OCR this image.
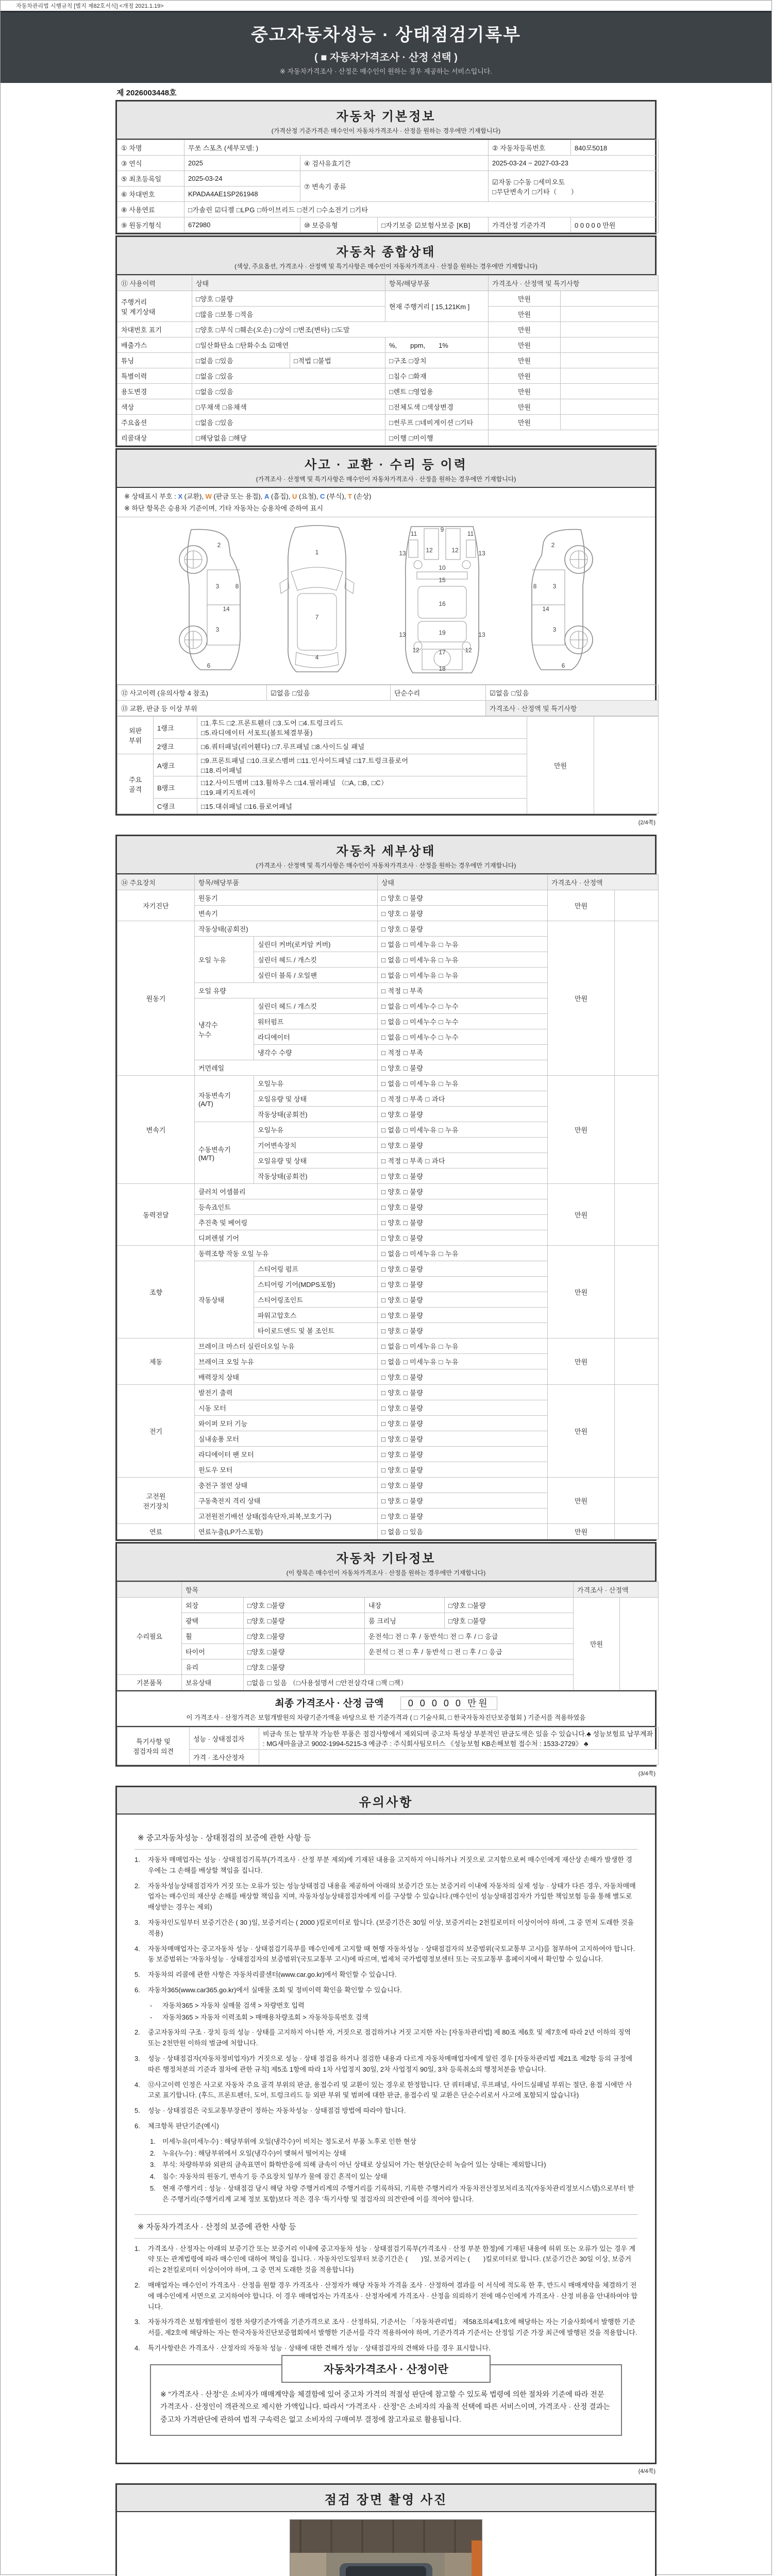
자동차관리법 시행규칙 [별지 제82호서식] <개정 2021.1.19>
중고자동차성능 · 상태점검기록부
( ■ 자동차가격조사 · 산정 선택 )
※ 자동차가격조사 · 산정은 매수인이 원하는 경우 제공하는 서비스입니다.
제 2026003448호
자동차 기본정보
(가격산정 기준가격은 매수인이 자동차가격조사 · 산정을 원하는 경우에만 기재합니다)
① 차명	무쏘 스포츠 (세부모델: )			② 자동차등록번호	840모5018
③ 연식	2025	④ 검사유효기간		2025-03-24 ~ 2027-03-23	
⑤ 최초등록일	2025-03-24	⑦ 변속기 종류		☑자동 □수동 □세미오토
□무단변속기 □기타（　　）	
⑥ 차대번호	KPADA4AE1SP261948				
⑧ 사용연료	□가솔린 ☑디젤 □LPG □하이브리드 □전기 □수소전기 □기타				
⑨ 원동기형식	672980	⑩ 보증유형	□자기보증 ☑보험사보증 [KB]	가격산정 기준가격	0 0 0 0 0 만원
자동차 종합상태
(색상, 주요옵션, 가격조사 · 산정액 및 특기사항은 매수인이 자동차가격조사 · 산정을 원하는 경우에만 기재합니다)
⑪ 사용이력	상태		항목/해당부품	가격조사 · 산정액 및 특기사항	
주행거리
및 계기상태	□양호 □불량		현재 주행거리 [ 15,121Km ]	만원	
	□많음 □보통 □적음			만원	
차대번호 표기	□양호 □부식 □훼손(오손) □상이 □변조(변타) □도말			만원	
배출가스	□일산화탄소 □탄화수소 ☑매연		%,　　ppm,　　1%	만원	
튜닝	□없음 □있음	□적법 □불법	□구조 □장치	만원	
특별이력	□없음 □있음		□침수 □화재	만원	
용도변경	□없음 □있음		□렌트 □영업용	만원	
색상	□무채색 □유채색		□전체도색 □색상변경	만원	
주요옵션	□없음 □있음		□썬루프 □네비게이션 □기타	만원	
리콜대상	□해당없음 □해당		□이행 □미이행		
사고 · 교환 · 수리 등 이력
(가격조사 · 산정액 및 특기사항은 매수인이 자동차가격조사 · 산정을 원하는 경우에만 기재합니다)
※ 상태표시 부호 : X (교환), W (판금 또는 용접), A (흠집), U (요철), C (부식), T (손상)
※ 하단 항목은 승용차 기준이며, 기타 자동차는 승용차에 준하여 표시
2
8
3
14
3
6
1
7
4
11
9
11
13	12	12	13
10
15
16
13	19	13
12	17	12
18
2
8	3
14
3
6
⑫ 사고이력 (유의사항 4 참조)	☑없음 □있음	단순수리	☑없음 □있음
⑬ 교환, 판금 등 이상 부위			가격조사 · 산정액 및 특기사항
외판
부위	1랭크	□1.후드 □2.프론트휀더 □3.도어 □4.트렁크리드
□5.라디에이터 서포트(볼트체결부품)	만원	
	2랭크	□6.쿼터패널(리어휀다) □7.루프패널 □8.사이드실 패널		
주요
골격	A랭크	□9.프론트패널 □10.크로스멤버 □11.인사이드패널 □17.트렁크플로어
□18.리어패널		
	B랭크	□12.사이드멤버 □13.휠하우스 □14.필러패널 （□A, □B, □C）
□19.패키지트레이		
	C랭크	□15.대쉬패널 □16.플로어패널		
(2/4쪽)
자동차 세부상태
(가격조사 · 산정액 및 특기사항은 매수인이 자동차가격조사 · 산정을 원하는 경우에만 기재합니다)
⑭ 주요장치	항목/해당부품		상태	가격조사 · 산정액	
자기진단	원동기		□ 양호 □ 불량	만원	
	변속기		□ 양호 □ 불량		
원동기	작동상태(공회전)		□ 양호 □ 불량	만원	
	오일 누유	실린더 커버(로커암 커버)	□ 없음 □ 미세누유 □ 누유		
		실린더 헤드 / 개스킷	□ 없음 □ 미세누유 □ 누유		
		실린더 블록 / 오일팬	□ 없음 □ 미세누유 □ 누유		
	오일 유량		□ 적정 □ 부족		
	냉각수
누수	실린더 헤드 / 개스킷	□ 없음 □ 미세누수 □ 누수		
		워터펌프	□ 없음 □ 미세누수 □ 누수		
		라디에이터	□ 없음 □ 미세누수 □ 누수		
		냉각수 수량	□ 적정 □ 부족		
	커먼레일		□ 양호 □ 불량		
변속기	자동변속기
(A/T)	오일누유	□ 없음 □ 미세누유 □ 누유	만원	
		오일유량 및 상태	□ 적정 □ 부족 □ 과다		
		작동상태(공회전)	□ 양호 □ 불량		
	수동변속기
(M/T)	오일누유	□ 없음 □ 미세누유 □ 누유		
		기어변속장치	□ 양호 □ 불량		
		오일유량 및 상태	□ 적정 □ 부족 □ 과다		
		작동상태(공회전)	□ 양호 □ 불량		
동력전달	클러치 어셈블리		□ 양호 □ 불량	만원	
	등속죠인트		□ 양호 □ 불량		
	추진축 및 베어링		□ 양호 □ 불량		
	디퍼렌셜 기어		□ 양호 □ 불량		
조향	동력조향 작동 오일 누유		□ 없음 □ 미세누유 □ 누유	만원	
	작동상태	스티어링 펌프	□ 양호 □ 불량		
		스티어링 기어(MDPS포함)	□ 양호 □ 불량		
		스티어링조인트	□ 양호 □ 불량		
		파워고압호스	□ 양호 □ 불량		
		타이로드엔드 및 볼 조인트	□ 양호 □ 불량		
제동	브레이크 마스터 실린더오일 누유		□ 없음 □ 미세누유 □ 누유	만원	
	브레이크 오일 누유		□ 없음 □ 미세누유 □ 누유		
	배력장치 상태		□ 양호 □ 불량		
전기	발전기 출력		□ 양호 □ 불량	만원	
	시동 모터		□ 양호 □ 불량		
	와이퍼 모터 기능		□ 양호 □ 불량		
	실내송풍 모터		□ 양호 □ 불량		
	라디에이터 팬 모터		□ 양호 □ 불량		
	윈도우 모터		□ 양호 □ 불량		
고전원
전기장치	충전구 절연 상태		□ 양호 □ 불량	만원	
	구동축전지 격리 상태		□ 양호 □ 불량		
	고전원전기배선 상태(접속단자,피복,보호기구)		□ 양호 □ 불량		
연료	연료누출(LP가스포함)		□ 없음 □ 있음	만원	
자동차 기타정보
(이 항목은 매수인이 자동차가격조사 · 산정을 원하는 경우에만 기재합니다)
	항목				가격조사 · 산정액	
수리필요	외장	□양호 □불량	내장	□양호 □불량	만원	
	광택	□양호 □불량	룸 크리닝	□양호 □불량		
	휠	□양호 □불량	운전석□ 전 □ 후 / 동반석□ 전 □ 후 / □ 응급			
	타이어	□양호 □불량	운전석 □ 전 □ 후 / 동반석 □ 전 □ 후 / □ 응급			
	유리	□양호 □불량				
기본품목	보유상태	□없음 □ 있음 （□사용설명서 □안전삼각대 □잭 □잭）				
최종 가격조사 · 산정 금액	0 0 0 0 0 만원
이 가격조사 · 산정가격은 보험개발원의 차량기준가액을 바탕으로 한 기준가격과 ( □ 기술사회, □ 한국자동차진단보증협회 ) 기준서를 적용하였음
특기사항 및
점검자의 의견	성능 · 상태점검자	비금속 또는 탈부착 가능한 부품은 점검사항에서 제외되며 중고차 특성상 부분적인 판금도색은 있을 수 있습니다.♣ 성능보험료 납부계좌 : MG새마을금고 9002-1994-5215-3 예금주 : 주식회사팀모터스 《성능보험 KB손해보험 접수처 : 1533-2729》 ♣
	가격 · 조사산정자	
(3/4쪽)
유의사항
※ 중고자동차성능 · 상태점검의 보증에 관한 사항 등
1.	자동차 매매업자는 성능 · 상태점검기록부(가격조사 · 산정 부분 제외)에 기재된 내용을 고지하지 아니하거나 거짓으로 고지함으로써 매수인에게 재산상 손해가 발생한 경우에는 그 손해를 배상할 책임을 집니다.
2.	자동차성능상태점검자가 거짓 또는 오류가 있는 성능상태점검 내용을 제공하여 아래의 보증기간 또는 보증거리 이내에 자동차의 실제 성능 · 상태가 다른 경우, 자동차매매업자는 매수인의 재산상 손해를 배상할 책임을 지며, 자동차성능상태점검자에게 이를 구상할 수 있습니다.(매수인이 성능상태점검자가 가입한 책임보험 등을 통해 별도로 배상받는 경우는 제외)
3.	자동차인도일부터 보증기간은 ( 30 )일, 보증거리는 ( 2000 )킬로미터로 합니다. (보증기간은 30일 이상, 보증거리는 2천킬로미터 이상이어야 하며, 그 중 먼저 도래한 것을 적용)
4.	자동차매매업자는 중고자동차 성능 · 상태점검기록부를 매수인에게 고지할 때 현행 자동차성능 · 상태점검자의 보증범위(국토교통부 고시)를 첨부하여 고지하여야 합니다. 동 보증범위는 '자동차성능 · 상태점검자의 보증범위'(국토교통부 고시)에 따르며, 법제처 국가법령정보센터 또는 국토교통부 홈페이지에서 확인할 수 있습니다.
5.	자동차의 리콜에 관한 사항은 자동차리콜센터(www.car.go.kr)에서 확인할 수 있습니다.
6.	자동차365(www.car365.go.kr)에서 실매물 조회 및 정비이력 확인을 확인할 수 있습니다.
-	자동차365 > 자동차 실매물 검색 > 차량번호 입력
-	자동차365 > 자동차 이력조회 > 매매용차량조회 > 자동차등록번호 검색
2.	중고자동차의 구조 · 장치 등의 성능 · 상태를 고지하지 아니한 자, 거짓으로 점검하거나 거짓 고지한 자는 [자동차관리법] 제 80조 제6호 및 제7호에 따라 2년 이하의 징역 또는 2천만원 이하의 벌금에 처합니다.
3.	성능 · 상태점검자(자동차정비업자)가 거짓으로 성능 · 상태 점검을 하거나 점검한 내용과 다르게 자동차매매업자에게 알린 경우 [자동차관리법 제21조 제2항 등의 규정에 따른 행정처분의 기준과 절차에 관한 규칙] 제5조 1항에 따라 1차 사업정지 30일, 2차 사업정지 90일, 3차 등록취소의 행정처분을 받습니다.
4.	⑫사고이력 인정은 사고로 자동차 주요 골격 부위의 판금, 용접수리 및 교환이 있는 경우로 한정합니다. 단 쿼터패널, 루프패널, 사이드실패널 부위는 절단, 용접 시에만 사고로 표기합니다. (후드, 프론트펜더, 도어, 트렁크리드 등 외판 부위 및 범퍼에 대한 판금, 용접수리 및 교환은 단순수리로서 사고에 포함되지 않습니다)
5.	성능 · 상태점검은 국토교통부장관이 정하는 자동차성능 · 상태점검 방법에 따라야 합니다.
6.	체크항목 판단기준(예시)
1.	미세누유(미세누수) : 해당부위에 오일(냉각수)이 비치는 정도로서 부품 노후로 인한 현상
2.	누유(누수) : 해당부위에서 오일(냉각수)이 맺혀서 떨어지는 상태
3.	부식: 차량하부와 외판의 금속표면이 화학반응에 의해 금속이 아닌 상태로 상실되어 가는 현상(단순히 녹슬어 있는 상태는 제외합니다)
4.	침수: 자동차의 원동기, 변속기 등 주요장치 일부가 물에 잠긴 흔적이 있는 상태
5.	현재 주행거리 : 성능 · 상태점검 당시 해당 차량 주행거리계의 주행거리를 기록하되, 기록한 주행거리가 자동차전산정보처리조직(자동차관리정보시스템)으로부터 받은 주행거리(주행거리계 교체 정보 포함)보다 적은 경우 '특기사항 및 점검자의 의견'란에 이를 적어야 합니다.
※ 자동차가격조사 · 산정의 보증에 관한 사항 등
1.	가격조사 · 산정자는 아래의 보증기간 또는 보증거리 이내에 중고자동차 성능 · 상태점검기록부(가격조사 · 산정 부분 한정)에 기재된 내용에 허위 또는 오류가 있는 경우 계약 또는 관계법령에 따라 매수인에 대하여 책임을 집니다. · 자동차인도일부터 보증기간은 (　　)일, 보증거리는 (　　)킬로미터로 합니다. (보증기간은 30일 이상, 보증거리는 2천킬로미터 이상이어야 하며, 그 중 먼저 도래한 것을 적용합니다)
2.	매매업자는 매수인이 가격조사 · 산정을 원할 경우 가격조사 · 산정자가 해당 자동차 가격을 조사 · 산정하여 결과를 이 서식에 적도록 한 후, 반드시 매매계약을 체결하기 전에 매수인에게 서면으로 고지하여야 합니다. 이 경우 매매업자는 가격조사 · 산정자에게 가격조사 · 산정을 의뢰하기 전에 매수인에게 가격조사 · 산정 비용을 안내하여야 합니다.
3.	자동차가격은 보험개발원이 정한 차량기준가액을 기준가격으로 조사 · 산정하되, 기준서는 「자동차관리법」 제58조의4제1호에 해당하는 자는 기술사회에서 발행한 기준서를, 제2호에 해당하는 자는 한국자동차진단보증협회에서 발행한 기준서를 각각 적용하여야 하며, 기준가격과 기준서는 산정일 기준 가장 최근에 발행된 것을 적용합니다.
4.	특기사항란은 가격조사 · 산정자의 자동차 성능 · 상태에 대한 견해가 성능 · 상태점검자의 견해와 다를 경우 표시합니다.
자동차가격조사 · 산정이란
※ "가격조사 · 산정"은 소비자가 매매계약을 체결함에 있어 중고차 가격의 적절성 판단에 참고할 수 있도록 법령에 의한 절차와 기준에 따라 전문 가격조사 · 산정인이 객관적으로 제시한 가액입니다. 따라서 "가격조사 · 산정"은 소비자의 자율적 선택에 따른 서비스이며, 가격조사 · 산정 결과는 중고차 가격판단에 관하여 법적 구속력은 없고 소비자의 구매여부 결정에 참고자료로 활용됩니다.
(4/4쪽)
점검 장면 촬영 사진
